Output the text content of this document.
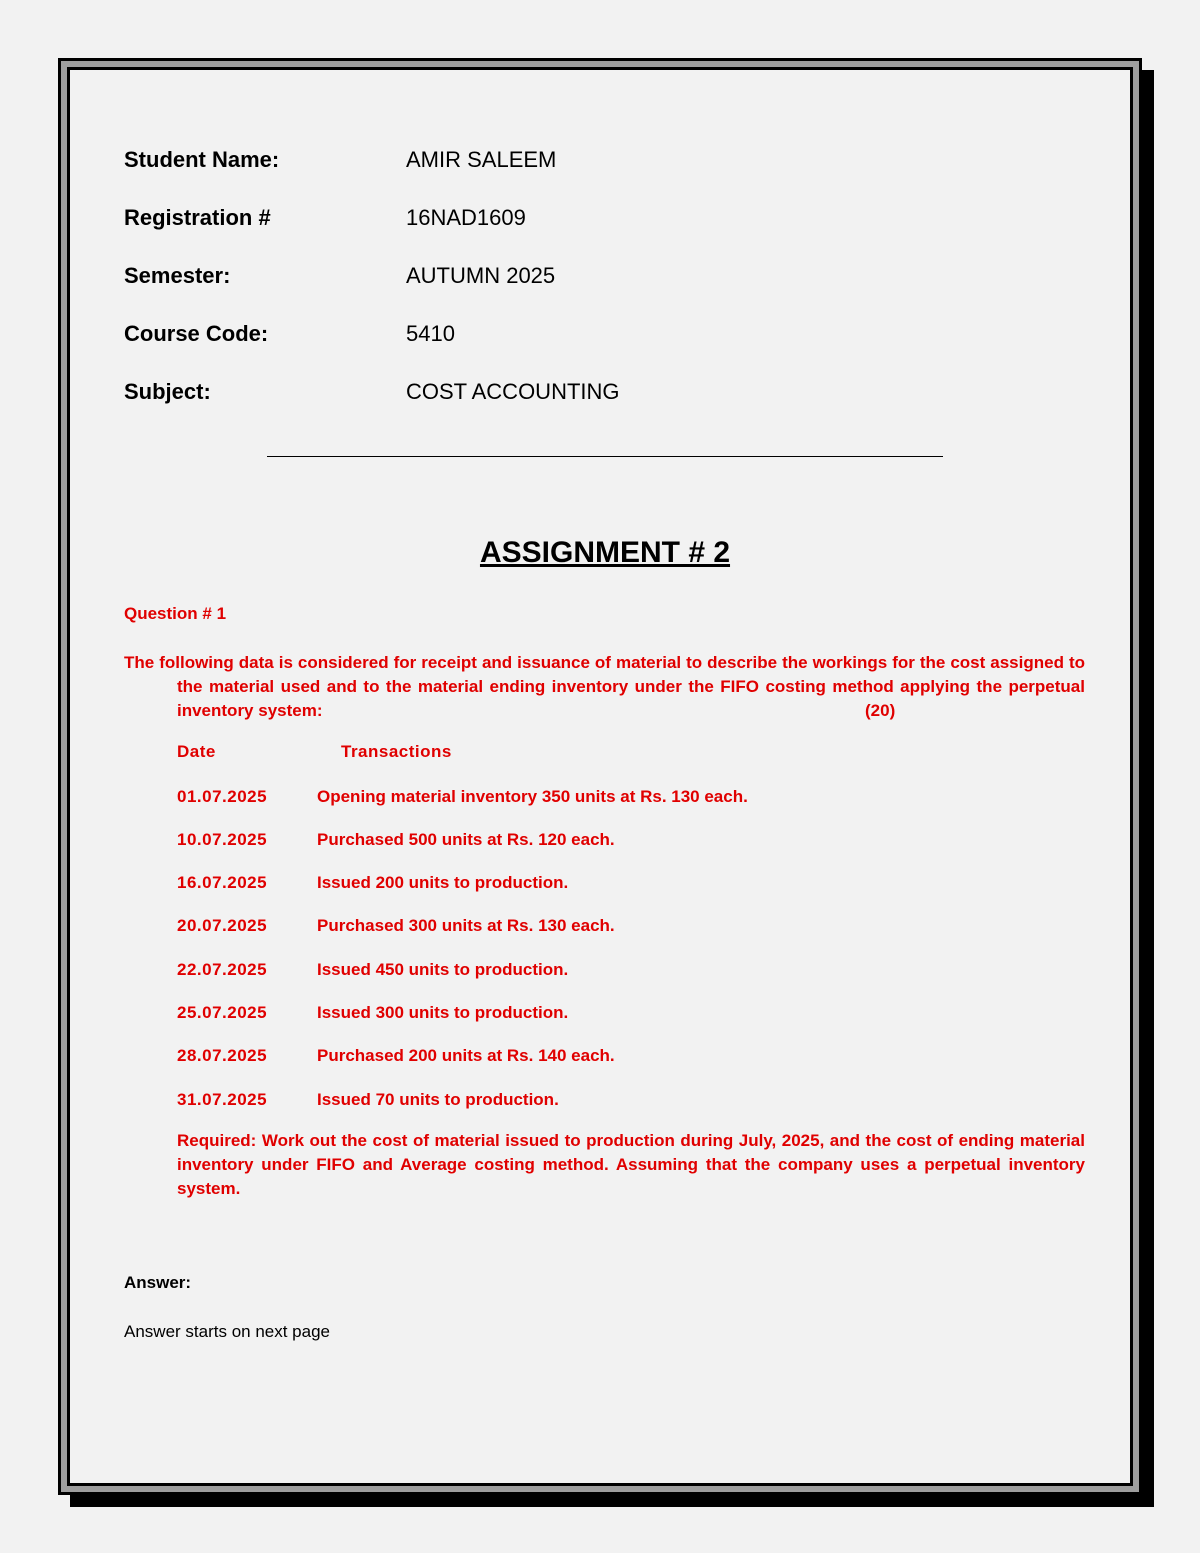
Student Name:	AMIR SALEEM
Registration #	16NAD1609
Semester:	AUTUMN 2025
Course Code:	5410
Subject:	COST ACCOUNTING
ASSIGNMENT # 2
Question # 1
The following data is considered for receipt and issuance of material to describe the workings for the cost assigned to the material used and to the material ending inventory under the FIFO costing method applying the perpetual inventory system:	(20)
Date	Transactions
01.07.2025	Opening material inventory 350 units at Rs. 130 each.
10.07.2025	Purchased 500 units at Rs. 120 each.
16.07.2025	Issued 200 units to production.
20.07.2025	Purchased 300 units at Rs. 130 each.
22.07.2025	Issued 450 units to production.
25.07.2025	Issued 300 units to production.
28.07.2025	Purchased 200 units at Rs. 140 each.
31.07.2025	Issued 70 units to production.
Required: Work out the cost of material issued to production during July, 2025, and the cost of ending material inventory under FIFO and Average costing method. Assuming that the company uses a perpetual inventory system.
Answer:
Answer starts on next page
